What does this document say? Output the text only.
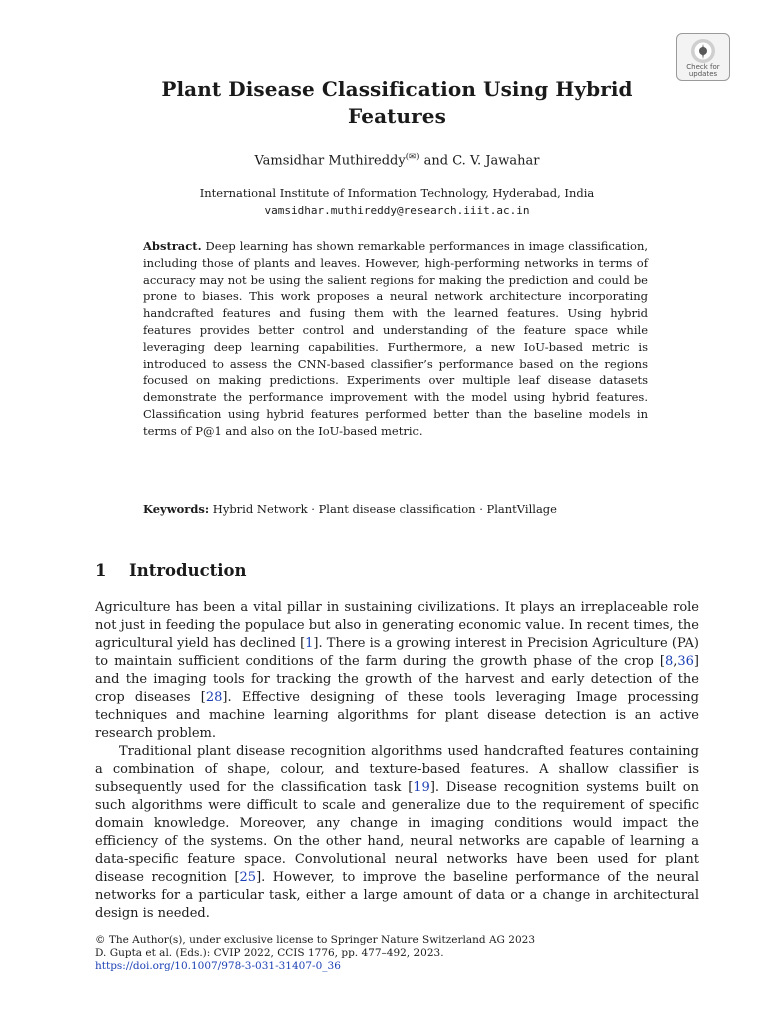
Check for
updates
Plant Disease Classification Using Hybrid
Features
Vamsidhar Muthireddy(✉) and C. V. Jawahar
International Institute of Information Technology, Hyderabad, India
vamsidhar.muthireddy@research.iiit.ac.in
Abstract. Deep learning has shown remarkable performances in image classification, including those of plants and leaves. However, high-performing networks in terms of accuracy may not be using the salient regions for making the prediction and could be prone to biases. This work proposes a neural network architecture incorporating handcrafted features and fusing them with the learned features. Using hybrid features provides better control and understanding of the feature space while leveraging deep learning capabilities. Furthermore, a new IoU-based metric is introduced to assess the CNN-based classifier’s performance based on the regions focused on making predictions. Experiments over multiple leaf disease datasets demonstrate the performance improvement with the model using hybrid features. Classification using hybrid features performed better than the baseline models in terms of P@1 and also on the IoU-based metric.
Keywords: Hybrid Network · Plant disease classification · PlantVillage
1 Introduction

Agriculture has been a vital pillar in sustaining civilizations. It plays an irreplaceable role not just in feeding the populace but also in generating economic value. In recent times, the agricultural yield has declined [1]. There is a growing interest in Precision Agriculture (PA) to maintain sufficient conditions of the farm during the growth phase of the crop [8,36] and the imaging tools for tracking the growth of the harvest and early detection of the crop diseases [28]. Effective designing of these tools leveraging Image processing techniques and machine learning algorithms for plant disease detection is an active research problem.

Traditional plant disease recognition algorithms used handcrafted features containing a combination of shape, colour, and texture-based features. A shallow classifier is subsequently used for the classification task [19]. Disease recognition systems built on such algorithms were difficult to scale and generalize due to the requirement of specific domain knowledge. Moreover, any change in imaging conditions would impact the efficiency of the systems. On the other hand, neural networks are capable of learning a data-specific feature space. Convolutional neural networks have been used for plant disease recognition [25]. However, to improve the baseline performance of the neural networks for a particular task, either a large amount of data or a change in architectural design is needed.

© The Author(s), under exclusive license to Springer Nature Switzerland AG 2023
D. Gupta et al. (Eds.): CVIP 2022, CCIS 1776, pp. 477–492, 2023.
https://doi.org/10.1007/978-3-031-31407-0_36
